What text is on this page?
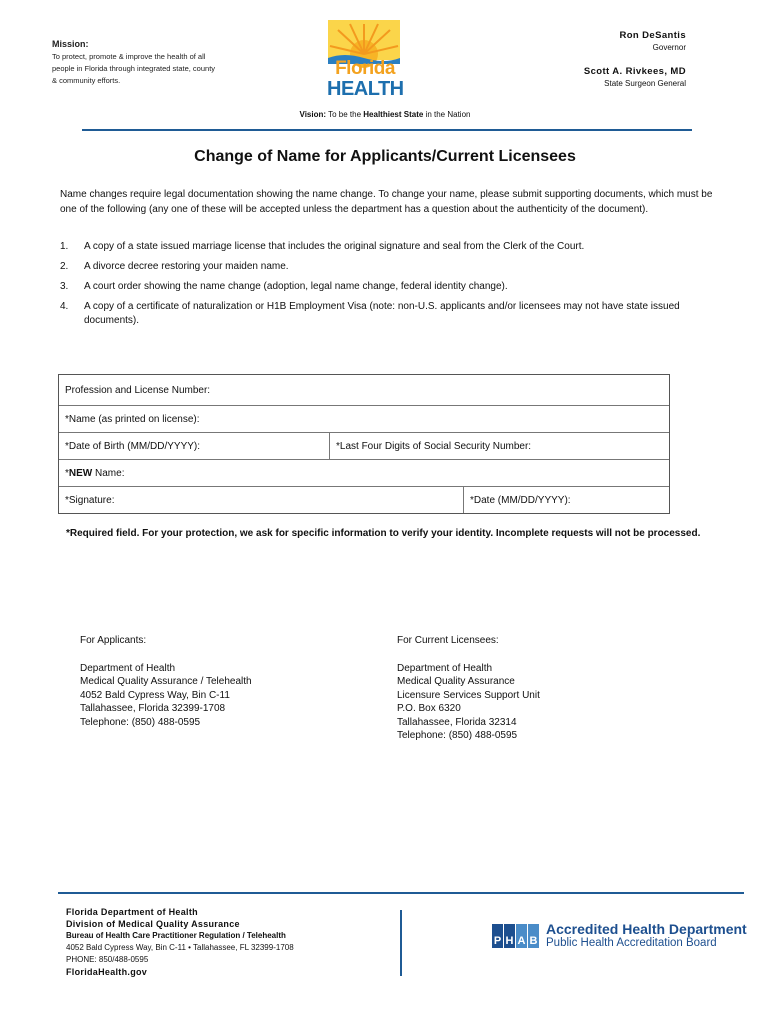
Mission:
To protect, promote & improve the health of all people in Florida through integrated state, county & community efforts.
Florida
HEALTH
Ron DeSantis
Governor
Scott A. Rivkees, MD
State Surgeon General
Vision: To be the Healthiest State in the Nation
Change of Name for Applicants/Current Licensees
Name changes require legal documentation showing the name change. To change your name, please submit supporting documents, which must be one of the following (any one of these will be accepted unless the department has a question about the authenticity of the document).
1. A copy of a state issued marriage license that includes the original signature and seal from the Clerk of the Court.
2. A divorce decree restoring your maiden name.
3. A court order showing the name change (adoption, legal name change, federal identity change).
4. A copy of a certificate of naturalization or H1B Employment Visa (note: non-U.S. applicants and/or licensees may not have state issued documents).
Profession and License Number:
*Name (as printed on license):
*Date of Birth (MM/DD/YYYY):	*Last Four Digits of Social Security Number:
* NEW Name:
*Signature:	*Date (MM/DD/YYYY):
*Required field. For your protection, we ask for specific information to verify your identity. Incomplete requests will not be processed.
For Applicants:
Department of Health
Medical Quality Assurance / Telehealth
4052 Bald Cypress Way, Bin C-11
Tallahassee, Florida 32399-1708
Telephone: (850) 488-0595
For Current Licensees:
Department of Health
Medical Quality Assurance
Licensure Services Support Unit
P.O. Box 6320
Tallahassee, Florida 32314
Telephone: (850) 488-0595
Florida Department of Health
Division of Medical Quality Assurance
Bureau of Health Care Practitioner Regulation / Telehealth
4052 Bald Cypress Way, Bin C-11 • Tallahassee, FL 32399-1708
PHONE: 850/488-0595
FloridaHealth.gov
P H A B
Accredited Health Department
Public Health Accreditation Board
